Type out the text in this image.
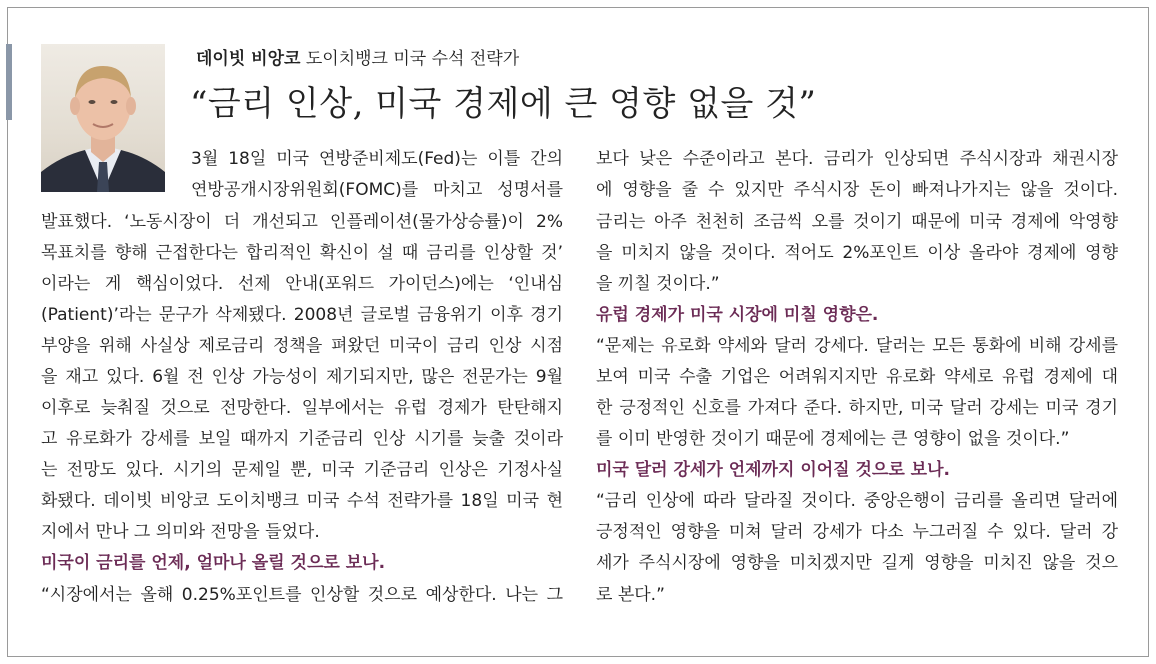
데이빗 비앙코 도이치뱅크 미국 수석 전략가
“금리 인상, 미국 경제에 큰 영향 없을 것”
3월 18일 미국 연방준비제도(Fed)는 이틀 간의
연방공개시장위원회(FOMC)를 마치고 성명서를
발표했다. ‘노동시장이 더 개선되고 인플레이션(물가상승률)이 2%
목표치를 향해 근접한다는 합리적인 확신이 설 때 금리를 인상할 것’
이라는 게 핵심이었다. 선제 안내(포워드 가이던스)에는 ‘인내심
(Patient)’라는 문구가 삭제됐다. 2008년 글로벌 금융위기 이후 경기
부양을 위해 사실상 제로금리 정책을 펴왔던 미국이 금리 인상 시점
을 재고 있다. 6월 전 인상 가능성이 제기되지만, 많은 전문가는 9월
이후로 늦춰질 것으로 전망한다. 일부에서는 유럽 경제가 탄탄해지
고 유로화가 강세를 보일 때까지 기준금리 인상 시기를 늦출 것이라
는 전망도 있다. 시기의 문제일 뿐, 미국 기준금리 인상은 기정사실
화됐다. 데이빗 비앙코 도이치뱅크 미국 수석 전략가를 18일 미국 현
지에서 만나 그 의미와 전망을 들었다.
미국이 금리를 언제, 얼마나 올릴 것으로 보나.
“시장에서는 올해 0.25%포인트를 인상할 것으로 예상한다. 나는 그
보다 낮은 수준이라고 본다. 금리가 인상되면 주식시장과 채권시장
에 영향을 줄 수 있지만 주식시장 돈이 빠져나가지는 않을 것이다.
금리는 아주 천천히 조금씩 오를 것이기 때문에 미국 경제에 악영향
을 미치지 않을 것이다. 적어도 2%포인트 이상 올라야 경제에 영향
을 끼칠 것이다.”
유럽 경제가 미국 시장에 미칠 영향은.
“문제는 유로화 약세와 달러 강세다. 달러는 모든 통화에 비해 강세를
보여 미국 수출 기업은 어려워지지만 유로화 약세로 유럽 경제에 대
한 긍정적인 신호를 가져다 준다. 하지만, 미국 달러 강세는 미국 경기
를 이미 반영한 것이기 때문에 경제에는 큰 영향이 없을 것이다.”
미국 달러 강세가 언제까지 이어질 것으로 보나.
“금리 인상에 따라 달라질 것이다. 중앙은행이 금리를 올리면 달러에
긍정적인 영향을 미쳐 달러 강세가 다소 누그러질 수 있다. 달러 강
세가 주식시장에 영향을 미치겠지만 길게 영향을 미치진 않을 것으
로 본다.”
